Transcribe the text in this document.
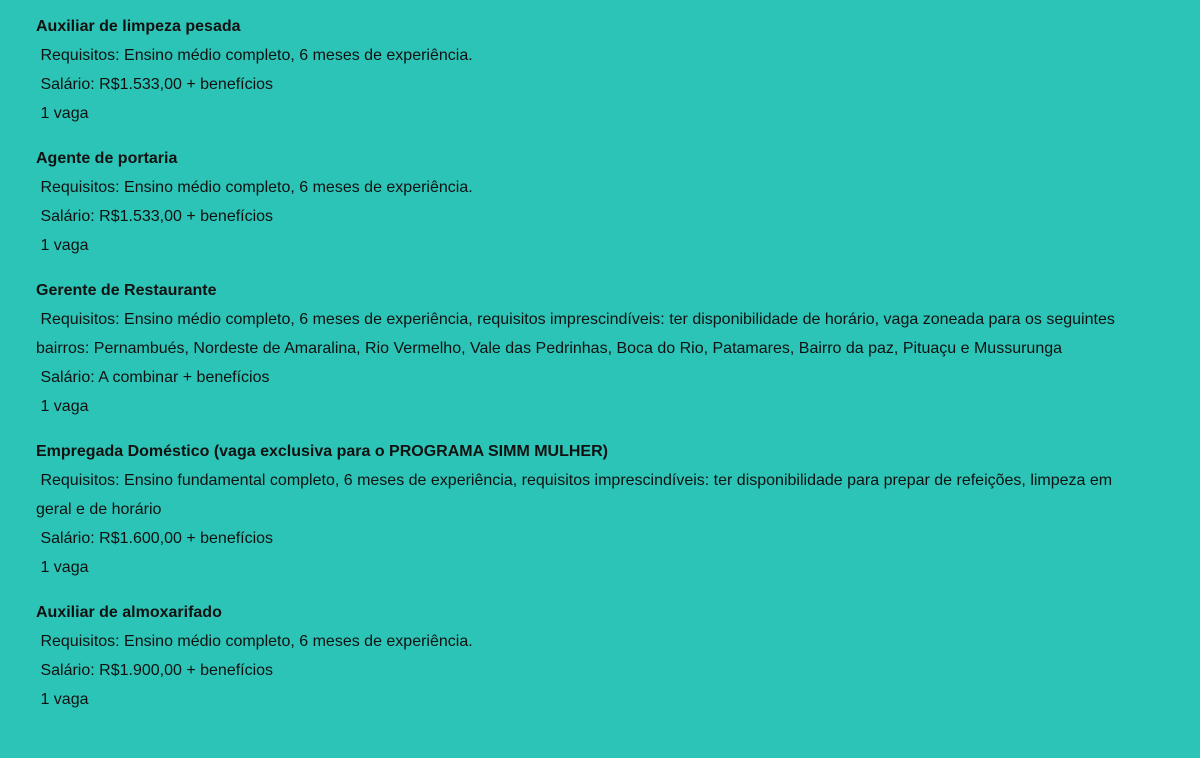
Auxiliar de limpeza pesada
Requisitos: Ensino médio completo, 6 meses de experiência.
Salário: R$1.533,00 + benefícios
1 vaga
Agente de portaria
Requisitos: Ensino médio completo, 6 meses de experiência.
Salário: R$1.533,00 + benefícios
1 vaga
Gerente de Restaurante
Requisitos: Ensino médio completo, 6 meses de experiência, requisitos imprescindíveis: ter disponibilidade de horário, vaga zoneada para os seguintes bairros: Pernambués, Nordeste de Amaralina, Rio Vermelho, Vale das Pedrinhas, Boca do Rio, Patamares, Bairro da paz, Pituaçu e Mussurunga
Salário: A combinar + benefícios
1 vaga
Empregada Doméstico (vaga exclusiva para o PROGRAMA SIMM MULHER)
Requisitos: Ensino fundamental completo, 6 meses de experiência, requisitos imprescindíveis: ter disponibilidade para prepar de refeições, limpeza em geral e de horário
Salário: R$1.600,00 + benefícios
1 vaga
Auxiliar de almoxarifado
Requisitos: Ensino médio completo, 6 meses de experiência.
Salário: R$1.900,00 + benefícios
1 vaga
